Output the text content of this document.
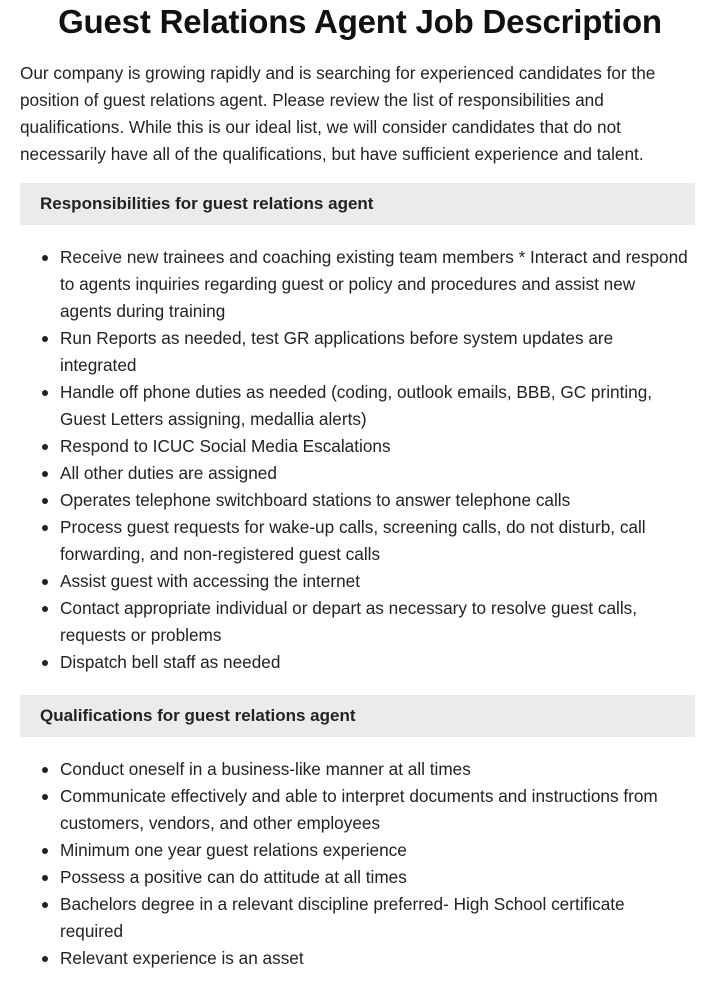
Guest Relations Agent Job Description

Our company is growing rapidly and is searching for experienced candidates for the position of guest relations agent. Please review the list of responsibilities and qualifications. While this is our ideal list, we will consider candidates that do not necessarily have all of the qualifications, but have sufficient experience and talent.

Responsibilities for guest relations agent
Receive new trainees and coaching existing team members * Interact and respond to agents inquiries regarding guest or policy and procedures and assist new agents during training
Run Reports as needed, test GR applications before system updates are integrated
Handle off phone duties as needed (coding, outlook emails, BBB, GC printing, Guest Letters assigning, medallia alerts)
Respond to ICUC Social Media Escalations
All other duties are assigned
Operates telephone switchboard stations to answer telephone calls
Process guest requests for wake-up calls, screening calls, do not disturb, call forwarding, and non-registered guest calls
Assist guest with accessing the internet
Contact appropriate individual or depart as necessary to resolve guest calls, requests or problems
Dispatch bell staff as needed
Qualifications for guest relations agent
Conduct oneself in a business-like manner at all times
Communicate effectively and able to interpret documents and instructions from customers, vendors, and other employees
Minimum one year guest relations experience
Possess a positive can do attitude at all times
Bachelors degree in a relevant discipline preferred- High School certificate required
Relevant experience is an asset
